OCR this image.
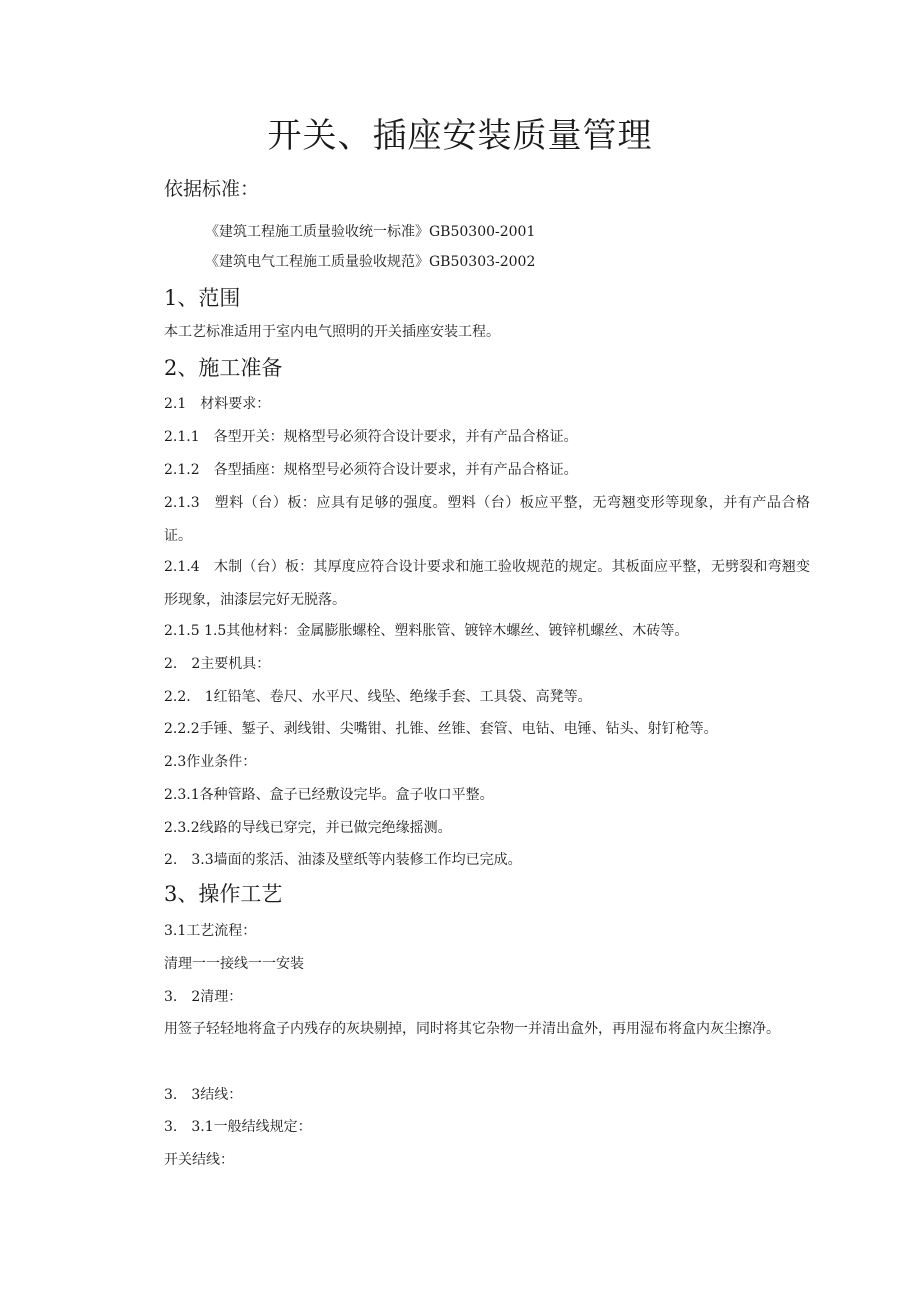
开关、插座安装质量管理
依据标准：
《建筑工程施工质量验收统一标准》GB50300-2001
《建筑电气工程施工质量验收规范》GB50303-2002
1、范围
本工艺标准适用于室内电气照明的开关插座安装工程。
2、施工准备
2.1　材料要求：
2.1.1　各型开关：规格型号必须符合设计要求，并有产品合格证。
2.1.2　各型插座：规格型号必须符合设计要求，并有产品合格证。
2.1.3　塑料（台）板：应具有足够的强度。塑料（台）板应平整，无弯翘变形等现象，并有产品合格证。
2.1.4　木制（台）板：其厚度应符合设计要求和施工验收规范的规定。其板面应平整，无劈裂和弯翘变形现象，油漆层完好无脱落。
2.1.5 1.5其他材料：金属膨胀螺栓、塑料胀管、镀锌木螺丝、镀锌机螺丝、木砖等。
2.　2主要机具：
2.2.　1红铅笔、卷尺、水平尺、线坠、绝缘手套、工具袋、高凳等。
2.2.2手锤、錾子、剥线钳、尖嘴钳、扎锥、丝锥、套管、电钻、电锤、钻头、射钉枪等。
2.3作业条件：
2.3.1各种管路、盒子已经敷设完毕。盒子收口平整。
2.3.2线路的导线已穿完，并已做完绝缘摇测。
2.　3.3墙面的浆活、油漆及壁纸等内装修工作均已完成。
3、操作工艺
3.1工艺流程：
清理一一接线一一安装
3.　2清理：
用签子轻轻地将盒子内残存的灰块剔掉，同时将其它杂物一并清出盒外，再用湿布将盒内灰尘擦净。
3.　3结线：
3.　3.1一般结线规定：
开关结线：
